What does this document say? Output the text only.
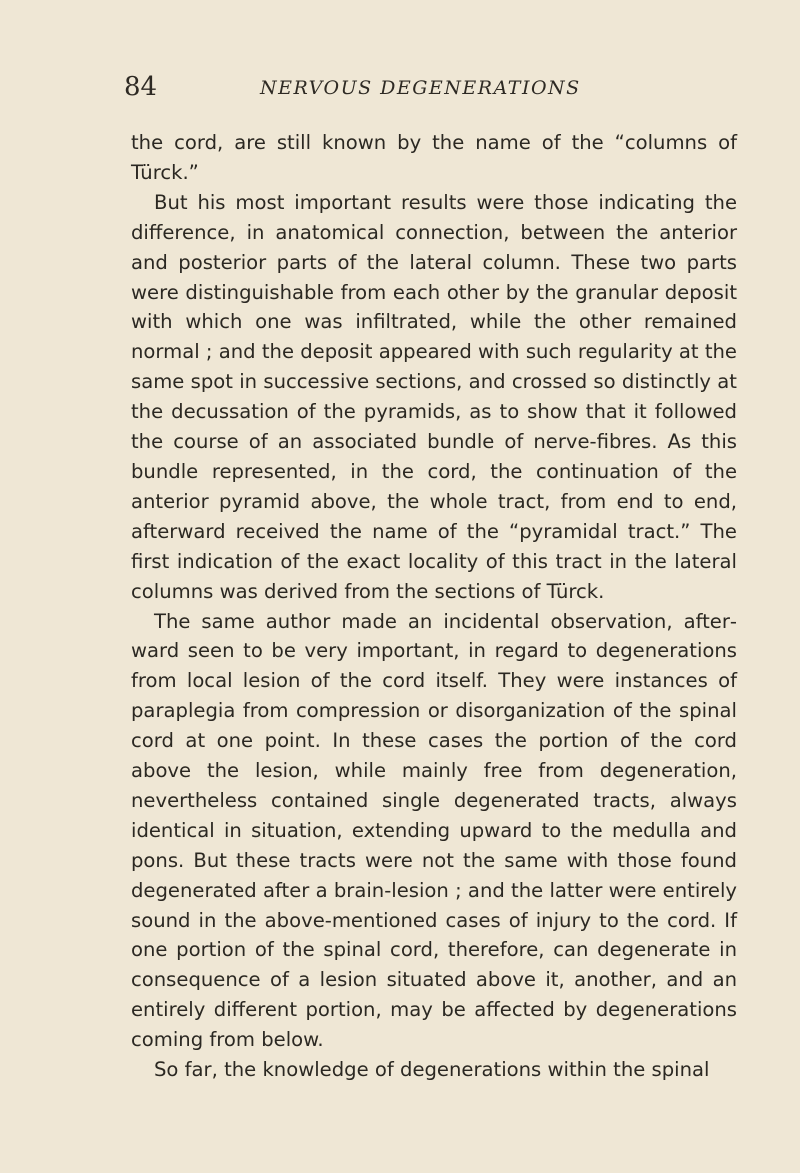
84	NERVOUS DEGENERATIONS

the cord, are still known by the name of the “columns of Türck.”

But his most important results were those indicating the difference, in anatomical connection, between the anterior and posterior parts of the lateral column. These two parts were distinguishable from each other by the granular deposit with which one was infiltrated, while the other remained normal ; and the deposit appeared with such regularity at the same spot in successive sections, and crossed so distinctly at the decussation of the pyramids, as to show that it followed the course of an associated bundle of nerve-fibres. As this bundle represented, in the cord, the continuation of the anterior pyramid above, the whole tract, from end to end, afterward received the name of the “pyramidal tract.” The first indication of the exact locality of this tract in the lateral columns was derived from the sections of Türck.

The same author made an incidental observation, afterward seen to be very important, in regard to degenerations from local lesion of the cord itself. They were instances of paraplegia from compression or disorganization of the spinal cord at one point. In these cases the portion of the cord above the lesion, while mainly free from degeneration, nevertheless contained single degenerated tracts, always identical in situation, extending upward to the medulla and pons. But these tracts were not the same with those found degenerated after a brain-lesion ; and the latter were entirely sound in the above-mentioned cases of injury to the cord. If one portion of the spinal cord, therefore, can degenerate in consequence of a lesion situated above it, another, and an entirely different portion, may be affected by degenerations coming from below.

So far, the knowledge of degenerations within the spinal
